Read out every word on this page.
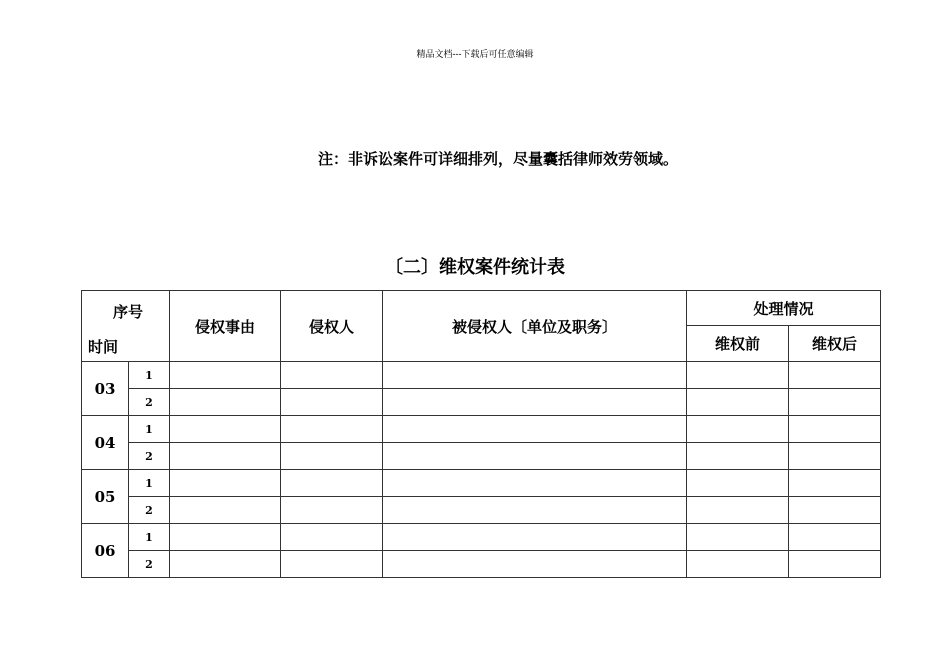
精品文档---下载后可任意编辑
注：非诉讼案件可详细排列，尽量囊括律师效劳领域。
〔二〕维权案件统计表
序号
时间		侵权事由	侵权人	被侵权人〔单位及职务〕	处理情况	
					维权前	维权后
03	1					
	2					
04	1					
	2					
05	1					
	2					
06	1					
	2					
